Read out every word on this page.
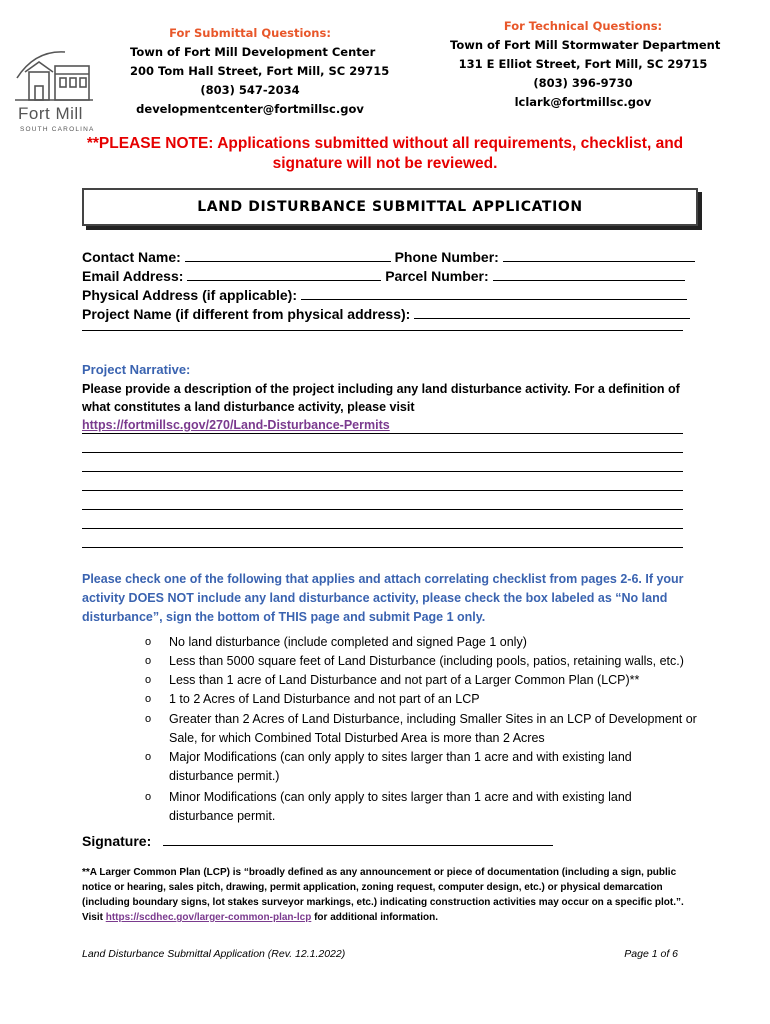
Fort Mill
SOUTH CAROLINA
For Submittal Questions:
Town of Fort Mill Development Center
200 Tom Hall Street, Fort Mill, SC 29715
(803) 547-2034
developmentcenter@fortmillsc.gov
For Technical Questions:
Town of Fort Mill Stormwater Department
131 E Elliot Street, Fort Mill, SC 29715
(803) 396-9730
lclark@fortmillsc.gov
**PLEASE NOTE: Applications submitted without all requirements, checklist, and signature will not be reviewed.
LAND DISTURBANCE SUBMITTAL APPLICATION
Contact Name:	Phone Number:
Email Address:	Parcel Number:
Physical Address (if applicable):
Project Name (if different from physical address):
Project Narrative:
Please provide a description of the project including any land disturbance activity. For a definition of what constitutes a land disturbance activity, please visit
https://fortmillsc.gov/270/Land-Disturbance-Permits
Please check one of the following that applies and attach correlating checklist from pages 2-6. If your activity DOES NOT include any land disturbance activity, please check the box labeled as “No land disturbance”, sign the bottom of THIS page and submit Page 1 only.
o No land disturbance (include completed and signed Page 1 only)
o Less than 5000 square feet of Land Disturbance (including pools, patios, retaining walls, etc.)
o Less than 1 acre of Land Disturbance and not part of a Larger Common Plan (LCP)**
o 1 to 2 Acres of Land Disturbance and not part of an LCP
o Greater than 2 Acres of Land Disturbance, including Smaller Sites in an LCP of Development or Sale, for which Combined Total Disturbed Area is more than 2 Acres
o Major Modifications (can only apply to sites larger than 1 acre and with existing land disturbance permit.)
o Minor Modifications (can only apply to sites larger than 1 acre and with existing land disturbance permit.
Signature:
**A Larger Common Plan (LCP) is “broadly defined as any announcement or piece of documentation (including a sign, public notice or hearing, sales pitch, drawing, permit application, zoning request, computer design, etc.) or physical demarcation (including boundary signs, lot stakes surveyor markings, etc.) indicating construction activities may occur on a specific plot.”. Visit https://scdhec.gov/larger-common-plan-lcp for additional information.
Land Disturbance Submittal Application (Rev. 12.1.2022)	Page 1 of 6
